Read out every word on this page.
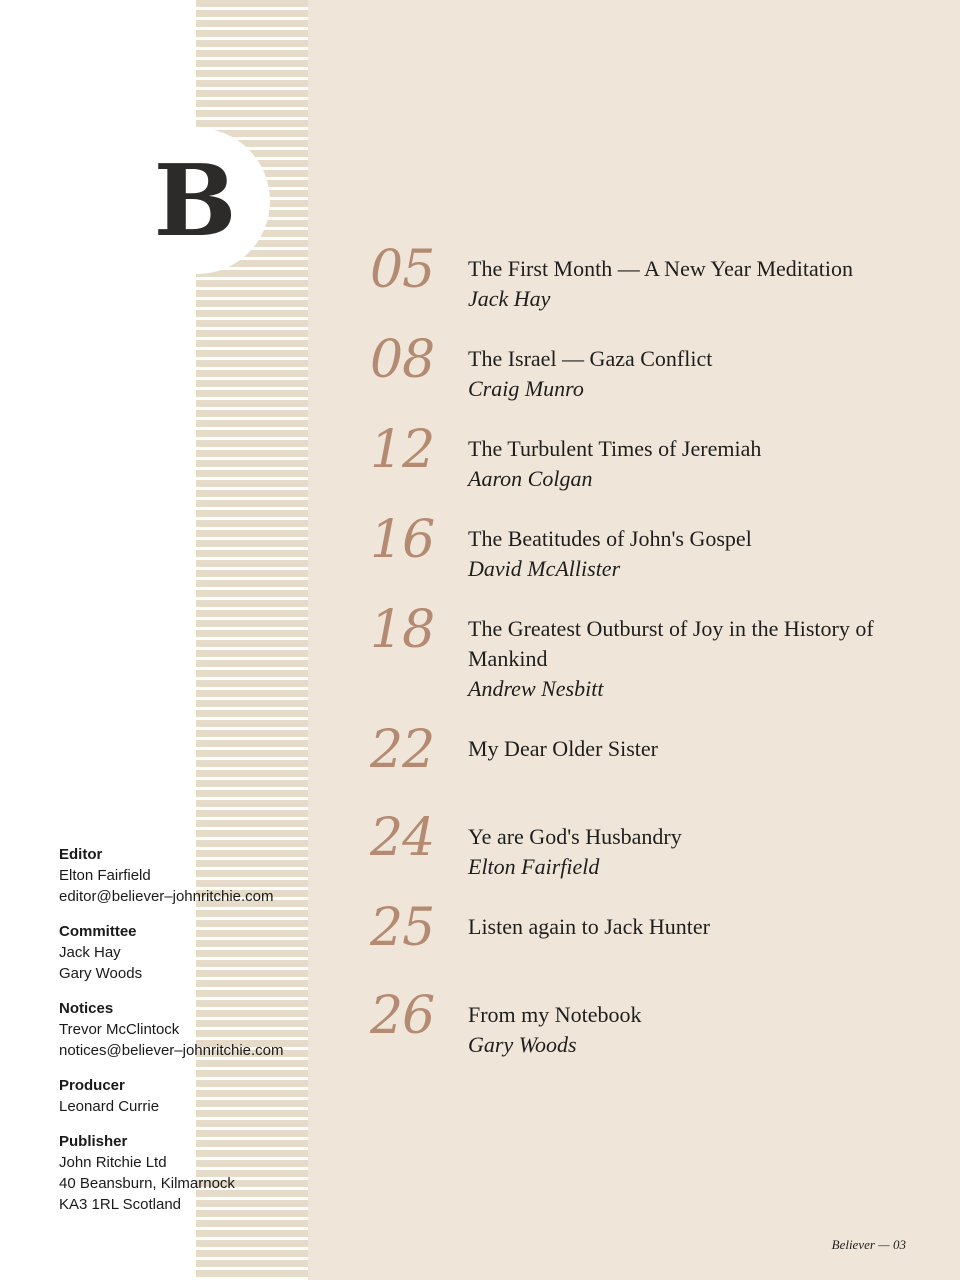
B
05 The First Month — A New Year Meditation
Jack Hay
08 The Israel — Gaza Conflict
Craig Munro
12 The Turbulent Times of Jeremiah
Aaron Colgan
16 The Beatitudes of John's Gospel
David McAllister
18 The Greatest Outburst of Joy in the History of Mankind
Andrew Nesbitt
22 My Dear Older Sister
24 Ye are God's Husbandry
Elton Fairfield
25 Listen again to Jack Hunter
26 From my Notebook
Gary Woods
Editor
Elton Fairfield
editor@believer–johnritchie.com
Committee
Jack Hay
Gary Woods
Notices
Trevor McClintock
notices@believer–johnritchie.com
Producer
Leonard Currie
Publisher
John Ritchie Ltd
40 Beansburn, Kilmarnock
KA3 1RL Scotland
Believer — 03
